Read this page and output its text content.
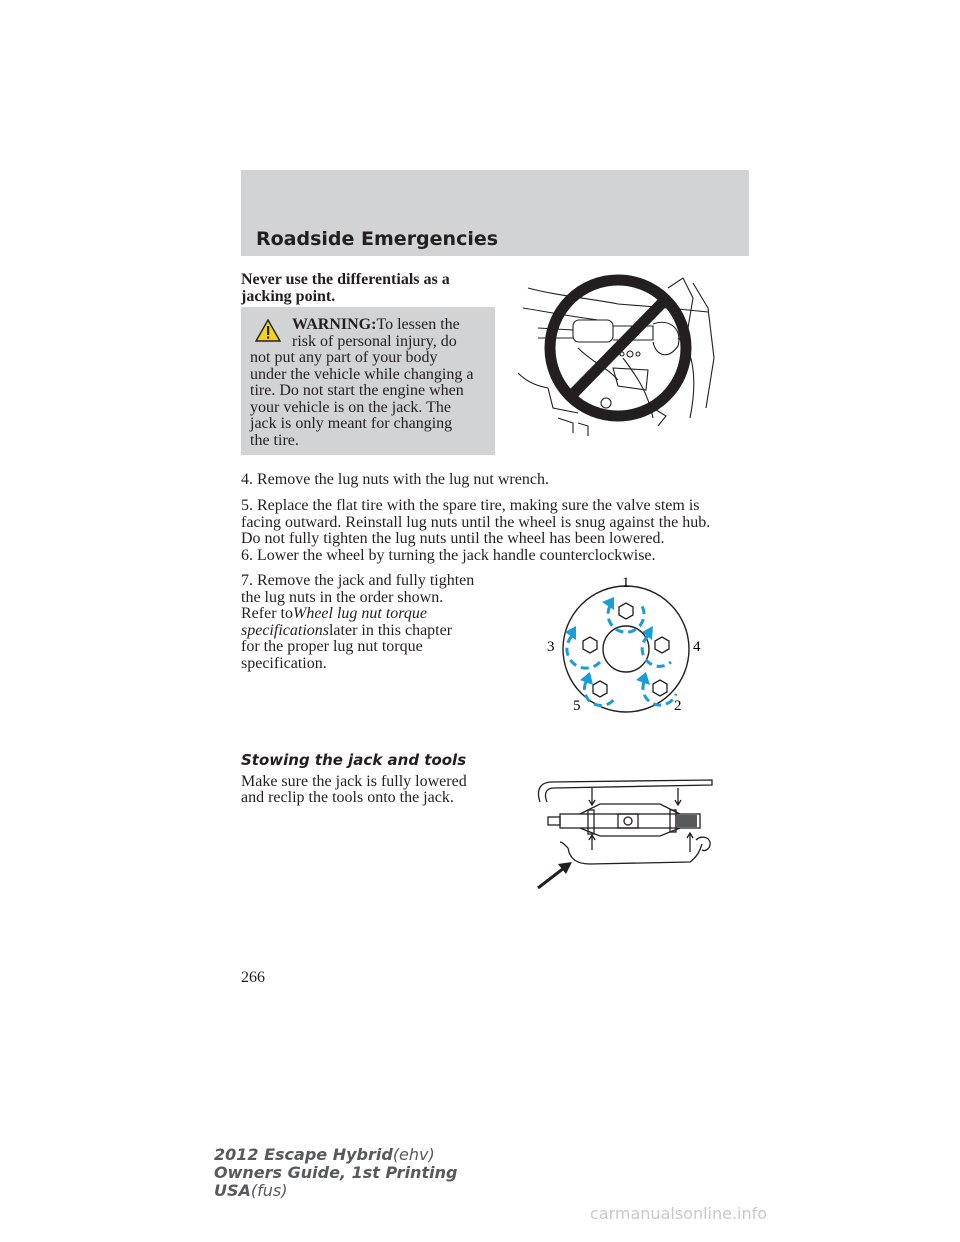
Roadside Emergencies
Never use the differentials as a
jacking point.
WARNING:To lessen the
risk of personal injury, do
not put any part of your body
under the vehicle while changing a
tire. Do not start the engine when
your vehicle is on the jack. The
jack is only meant for changing
the tire.
4. Remove the lug nuts with the lug nut wrench.
5. Replace the flat tire with the spare tire, making sure the valve stem is
facing outward. Reinstall lug nuts until the wheel is snug against the hub.
Do not fully tighten the lug nuts until the wheel has been lowered.
6. Lower the wheel by turning the jack handle counterclockwise.
7. Remove the jack and fully tighten
the lug nuts in the order shown.
Refer toWheel lug nut torque
specificationslater in this chapter
for the proper lug nut torque
specification.
1
2
3	4
5
Stowing the jack and tools
Make sure the jack is fully lowered
and reclip the tools onto the jack.
266
2012 Escape Hybrid(ehv)
Owners Guide, 1st Printing
USA(fus)
carmanualsonline.info
